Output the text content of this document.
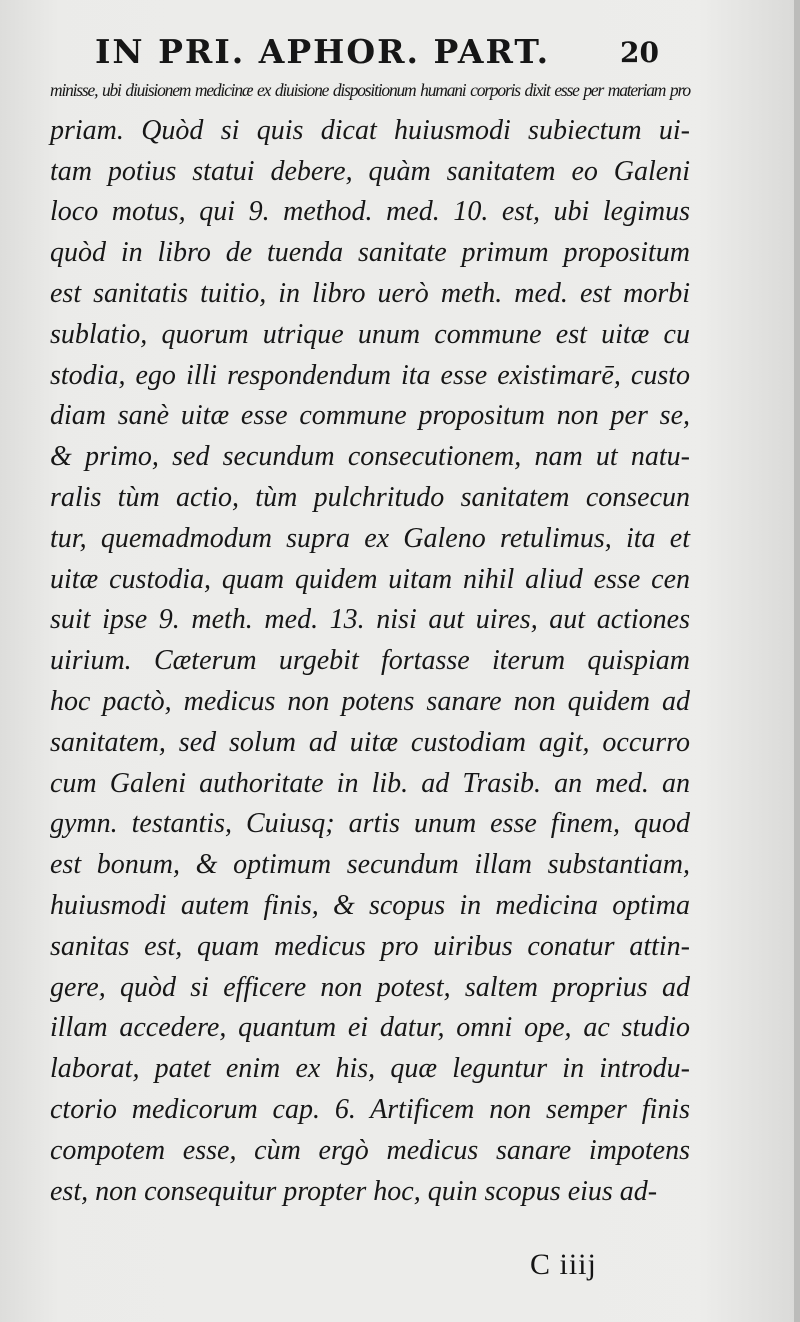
IN PRI. APHOR. PART. 20
minisse, ubi diuisionem medicinæ ex diuisione dispositionum humani corporis dixit esse per materiam pro
priam. Quòd si quis dicat huiusmodi subiectum ui-
tam potius statui debere, quàm sanitatem eo Galeni
loco motus, qui 9. method. med. 10. est, ubi legimus
quòd in libro de tuenda sanitate primum propositum
est sanitatis tuitio, in libro uerò meth. med. est morbi
sublatio, quorum utrique unum commune est uitæ cu
stodia, ego illi respondendum ita esse existimarē, custo
diam sanè uitæ esse commune propositum non per se,
& primo, sed secundum consecutionem, nam ut natu-
ralis tùm actio, tùm pulchritudo sanitatem consecun
tur, quemadmodum supra ex Galeno retulimus, ita et
uitæ custodia, quam quidem uitam nihil aliud esse cen
suit ipse 9. meth. med. 13. nisi aut uires, aut actiones
uirium. Cæterum urgebit fortasse iterum quispiam
hoc pactò, medicus non potens sanare non quidem ad
sanitatem, sed solum ad uitæ custodiam agit, occurro
cum Galeni authoritate in lib. ad Trasib. an med. an
gymn. testantis, Cuiusq; artis unum esse finem, quod
est bonum, & optimum secundum illam substantiam,
huiusmodi autem finis, & scopus in medicina optima
sanitas est, quam medicus pro uiribus conatur attin-
gere, quòd si efficere non potest, saltem proprius ad
illam accedere, quantum ei datur, omni ope, ac studio
laborat, patet enim ex his, quæ leguntur in introdu-
ctorio medicorum cap. 6. Artificem non semper finis
compotem esse, cùm ergò medicus sanare impotens
est, non consequitur propter hoc, quin scopus eius ad-
C iiij
